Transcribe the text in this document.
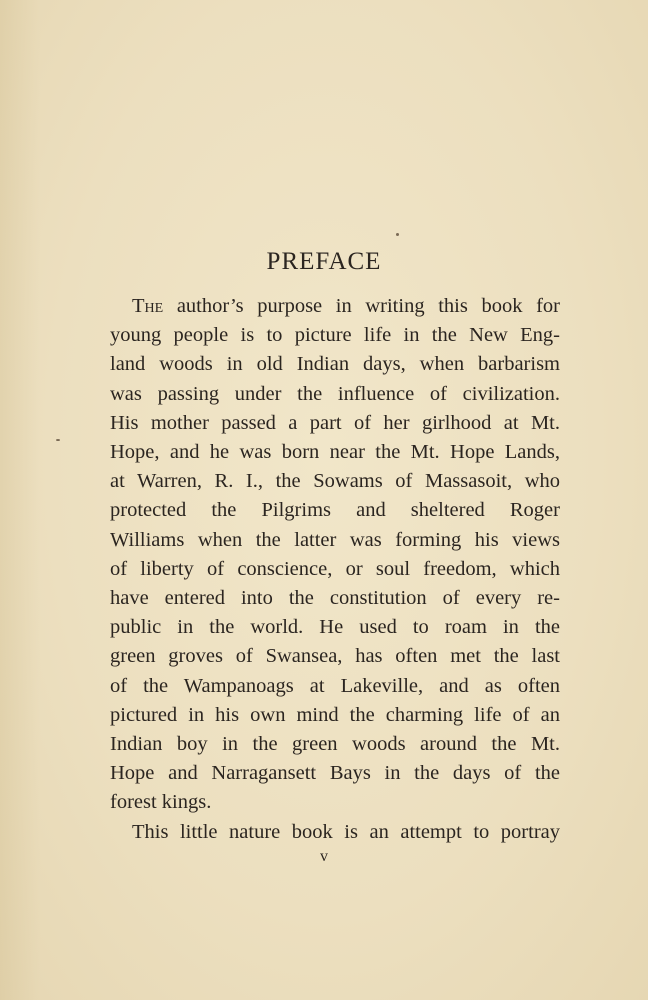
PREFACE
The author’s purpose in writing this book for
young people is to picture life in the New Eng-
land woods in old Indian days, when barbarism
was passing under the influence of civilization.
His mother passed a part of her girlhood at Mt.
Hope, and he was born near the Mt. Hope Lands,
at Warren, R. I., the Sowams of Massasoit, who
protected the Pilgrims and sheltered Roger
Williams when the latter was forming his views
of liberty of conscience, or soul freedom, which
have entered into the constitution of every re-
public in the world. He used to roam in the
green groves of Swansea, has often met the last
of the Wampanoags at Lakeville, and as often
pictured in his own mind the charming life of an
Indian boy in the green woods around the Mt.
Hope and Narragansett Bays in the days of the
forest kings.
This little nature book is an attempt to portray
v
